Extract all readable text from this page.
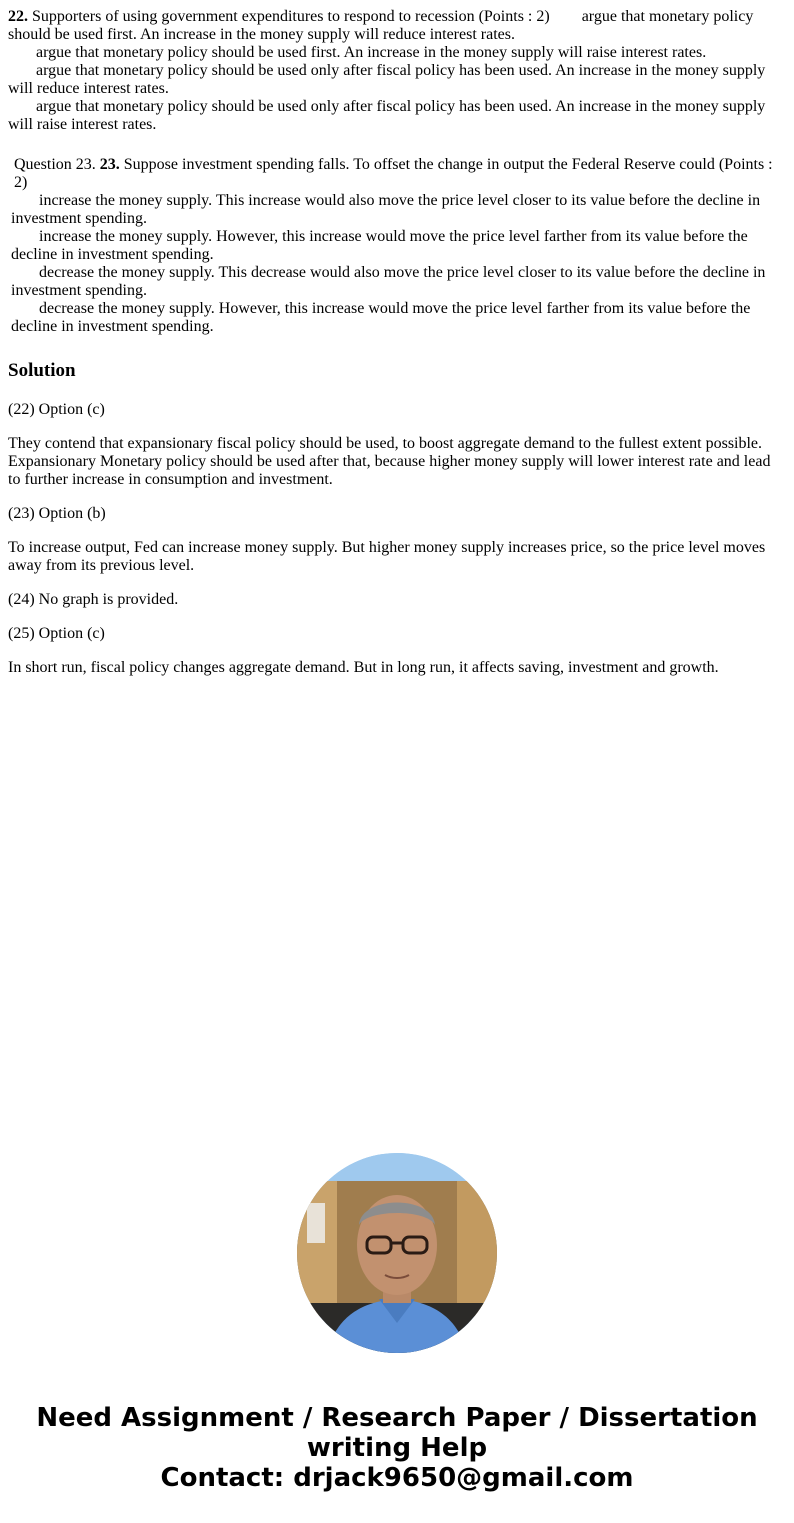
22. Supporters of using government expenditures to respond to recession (Points : 2) argue that monetary policy should be used first. An increase in the money supply will reduce interest rates.
argue that monetary policy should be used first. An increase in the money supply will raise interest rates.
argue that monetary policy should be used only after fiscal policy has been used. An increase in the money supply will reduce interest rates.
argue that monetary policy should be used only after fiscal policy has been used. An increase in the money supply will raise interest rates.
Question 23. 23. Suppose investment spending falls. To offset the change in output the Federal Reserve could (Points : 2)
increase the money supply. This increase would also move the price level closer to its value before the decline in investment spending.
increase the money supply. However, this increase would move the price level farther from its value before the decline in investment spending.
decrease the money supply. This decrease would also move the price level closer to its value before the decline in investment spending.
decrease the money supply. However, this increase would move the price level farther from its value before the decline in investment spending.
Solution

(22) Option (c)

They contend that expansionary fiscal policy should be used, to boost aggregate demand to the fullest extent possible. Expansionary Monetary policy should be used after that, because higher money supply will lower interest rate and lead to further increase in consumption and investment.

(23) Option (b)

To increase output, Fed can increase money supply. But higher money supply increases price, so the price level moves away from its previous level.

(24) No graph is provided.

(25) Option (c)

In short run, fiscal policy changes aggregate demand. But in long run, it affects saving, investment and growth.

Need Assignment / Research Paper / Dissertation
writing Help
Contact: drjack9650@gmail.com
